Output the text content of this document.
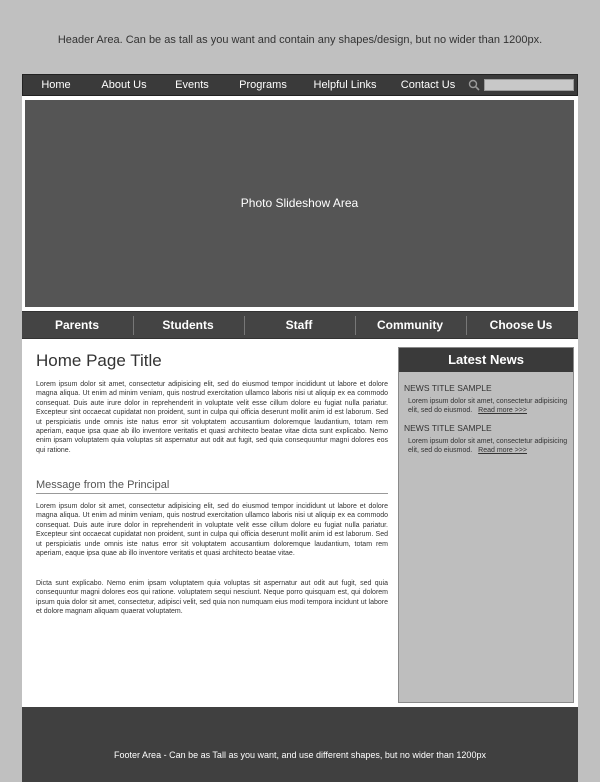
Header Area. Can be as tall as you want and contain any shapes/design, but no wider than 1200px.
Home	About Us	Events	Programs	Helpful Links	Contact Us
Photo Slideshow Area
Parents	Students	Staff	Community	Choose Us
Home Page Title

Lorem ipsum dolor sit amet, consectetur adipisicing elit, sed do eiusmod tempor incididunt ut labore et dolore magna aliqua. Ut enim ad minim veniam, quis nostrud exercitation ullamco laboris nisi ut aliquip ex ea commodo consequat. Duis aute irure dolor in reprehenderit in voluptate velit esse cillum dolore eu fugiat nulla pariatur. Excepteur sint occaecat cupidatat non proident, sunt in culpa qui officia deserunt mollit anim id est laborum. Sed ut perspiciatis unde omnis iste natus error sit voluptatem accusantium doloremque laudantium, totam rem aperiam, eaque ipsa quae ab illo inventore veritatis et quasi architecto beatae vitae dicta sunt explicabo. Nemo enim ipsam voluptatem quia voluptas sit aspernatur aut odit aut fugit, sed quia consequuntur magni dolores eos qui ratione.

Message from the Principal

Lorem ipsum dolor sit amet, consectetur adipisicing elit, sed do eiusmod tempor incididunt ut labore et dolore magna aliqua. Ut enim ad minim veniam, quis nostrud exercitation ullamco laboris nisi ut aliquip ex ea commodo consequat. Duis aute irure dolor in reprehenderit in voluptate velit esse cillum dolore eu fugiat nulla pariatur. Excepteur sint occaecat cupidatat non proident, sunt in culpa qui officia deserunt mollit anim id est laborum. Sed ut perspiciatis unde omnis iste natus error sit voluptatem accusantium doloremque laudantium, totam rem aperiam, eaque ipsa quae ab illo inventore veritatis et quasi architecto beatae vitae.

Dicta sunt explicabo. Nemo enim ipsam voluptatem quia voluptas sit aspernatur aut odit aut fugit, sed quia consequuntur magni dolores eos qui ratione. voluptatem sequi nesciunt. Neque porro quisquam est, qui dolorem ipsum quia dolor sit amet, consectetur, adipisci velit, sed quia non numquam eius modi tempora incidunt ut labore et dolore magnam aliquam quaerat voluptatem.

Latest News
NEWS TITLE SAMPLE
Lorem ipsum dolor sit amet, consectetur adipisicing elit, sed do eiusmod. Read more >>>
NEWS TITLE SAMPLE
Lorem ipsum dolor sit amet, consectetur adipisicing elit, sed do eiusmod. Read more >>>
Footer Area - Can be as Tall as you want, and use different shapes, but no wider than 1200px
